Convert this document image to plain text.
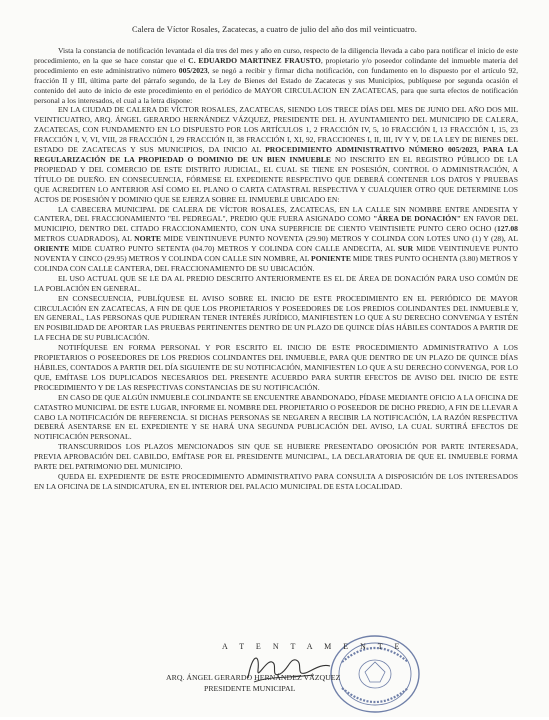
Calera de Víctor Rosales, Zacatecas, a cuatro de julio del año dos mil veinticuatro.

Vista la constancia de notificación levantada el día tres del mes y año en curso, respecto de la diligencia llevada a cabo para notificar el inicio de este procedimiento, en la que se hace constar que el C. EDUARDO MARTINEZ FRAUSTO, propietario y/o poseedor colindante del inmueble materia del procedimiento en este administrativo número 005/2023, se negó a recibir y firmar dicha notificación, con fundamento en lo dispuesto por el artículo 92, fracción II y III, última parte del párrafo segundo, de la Ley de Bienes del Estado de Zacatecas y sus Municipios, publíquese por segunda ocasión el contenido del auto de inicio de este procedimiento en el periódico de MAYOR CIRCULACION EN ZACATECAS, para que surta efectos de notificación personal a los interesados, el cual a la letra dispone:

EN LA CIUDAD DE CALERA DE VÍCTOR ROSALES, ZACATECAS, SIENDO LOS TRECE DÍAS DEL MES DE JUNIO DEL AÑO DOS MIL VEINTICUATRO, ARQ. ÁNGEL GERARDO HERNÁNDEZ VÁZQUEZ, PRESIDENTE DEL H. AYUNTAMIENTO DEL MUNICIPIO DE CALERA, ZACATECAS, CON FUNDAMENTO EN LO DISPUESTO POR LOS ARTÍCULOS 1, 2 FRACCIÓN IV, 5, 10 FRACCIÓN I, 13 FRACCIÓN I, 15, 23 FRACCIÓN I, V, VI, VIII, 28 FRACCIÓN I, 29 FRACCIÓN II, 38 FRACCIÓN I, XI, 92, FRACCIONES I, II, III, IV Y V, DE LA LEY DE BIENES DEL ESTADO DE ZACATECAS Y SUS MUNICIPIOS, DA INICIO AL PROCEDIMIENTO ADMINISTRATIVO NÚMERO 005/2023, PARA LA REGULARIZACIÓN DE LA PROPIEDAD O DOMINIO DE UN BIEN INMUEBLE NO INSCRITO EN EL REGISTRO PÚBLICO DE LA PROPIEDAD Y DEL COMERCIO DE ESTE DISTRITO JUDICIAL, EL CUAL SE TIENE EN POSESIÓN, CONTROL O ADMINISTRACIÓN, A TÍTULO DE DUEÑO. EN CONSECUENCIA, FÓRMESE EL EXPEDIENTE RESPECTIVO QUE DEBERÁ CONTENER LOS DATOS Y PRUEBAS QUE ACREDITEN LO ANTERIOR ASÍ COMO EL PLANO O CARTA CATASTRAL RESPECTIVA Y CUALQUIER OTRO QUE DETERMINE LOS ACTOS DE POSESIÓN Y DOMINIO QUE SE EJERZA SOBRE EL INMUEBLE UBICADO EN:

LA CABECERA MUNICIPAL DE CALERA DE VÍCTOR ROSALES, ZACATECAS, EN LA CALLE SIN NOMBRE ENTRE ANDESITA Y CANTERA, DEL FRACCIONAMIENTO "EL PEDREGAL", PREDIO QUE FUERA ASIGNADO COMO "ÁREA DE DONACIÓN" EN FAVOR DEL MUNICIPIO, DENTRO DEL CITADO FRACCIONAMIENTO, CON UNA SUPERFICIE DE CIENTO VEINTISIETE PUNTO CERO OCHO (127.08 METROS CUADRADOS), AL NORTE MIDE VEINTINUEVE PUNTO NOVENTA (29.90) METROS Y COLINDA CON LOTES UNO (1) Y (28), AL ORIENTE MIDE CUATRO PUNTO SETENTA (04.70) METROS Y COLINDA CON CALLE ANDECITA, AL SUR MIDE VEINTINUEVE PUNTO NOVENTA Y CINCO (29.95) METROS Y COLINDA CON CALLE SIN NOMBRE, AL PONIENTE MIDE TRES PUNTO OCHENTA (3.80) METROS Y COLINDA CON CALLE CANTERA, DEL FRACCIONAMIENTO DE SU UBICACIÓN.

EL USO ACTUAL QUE SE LE DA AL PREDIO DESCRITO ANTERIORMENTE ES EL DE ÁREA DE DONACIÓN PARA USO COMÚN DE LA POBLACIÓN EN GENERAL.

EN CONSECUENCIA, PUBLÍQUESE EL AVISO SOBRE EL INICIO DE ESTE PROCEDIMIENTO EN EL PERIÓDICO DE MAYOR CIRCULACIÓN EN ZACATECAS, A FIN DE QUE LOS PROPIETARIOS Y POSEEDORES DE LOS PREDIOS COLINDANTES DEL INMUEBLE Y, EN GENERAL, LAS PERSONAS QUE PUDIERAN TENER INTERÉS JURÍDICO, MANIFIESTEN LO QUE A SU DERECHO CONVENGA Y ESTÉN EN POSIBILIDAD DE APORTAR LAS PRUEBAS PERTINENTES DENTRO DE UN PLAZO DE QUINCE DÍAS HÁBILES CONTADOS A PARTIR DE LA FECHA DE SU PUBLICACIÓN.

NOTIFÍQUESE EN FORMA PERSONAL Y POR ESCRITO EL INICIO DE ESTE PROCEDIMIENTO ADMINISTRATIVO A LOS PROPIETARIOS O POSEEDORES DE LOS PREDIOS COLINDANTES DEL INMUEBLE, PARA QUE DENTRO DE UN PLAZO DE QUINCE DÍAS HÁBILES, CONTADOS A PARTIR DEL DÍA SIGUIENTE DE SU NOTIFICACIÓN, MANIFIESTEN LO QUE A SU DERECHO CONVENGA, POR LO QUE, EMÍTASE LOS DUPLICADOS NECESARIOS DEL PRESENTE ACUERDO PARA SURTIR EFECTOS DE AVISO DEL INICIO DE ESTE PROCEDIMIENTO Y DE LAS RESPECTIVAS CONSTANCIAS DE SU NOTIFICACIÓN.

EN CASO DE QUE ALGÚN INMUEBLE COLINDANTE SE ENCUENTRE ABANDONADO, PÍDASE MEDIANTE OFICIO A LA OFICINA DE CATASTRO MUNICIPAL DE ESTE LUGAR, INFORME EL NOMBRE DEL PROPIETARIO O POSEEDOR DE DICHO PREDIO, A FIN DE LLEVAR A CABO LA NOTIFICACIÓN DE REFERENCIA. SI DICHAS PERSONAS SE NEGAREN A RECIBIR LA NOTIFICACIÓN, LA RAZÓN RESPECTIVA DEBERÁ ASENTARSE EN EL EXPEDIENTE Y SE HARÁ UNA SEGUNDA PUBLICACIÓN DEL AVISO, LA CUAL SURTIRÁ EFECTOS DE NOTIFICACIÓN PERSONAL.

TRANSCURRIDOS LOS PLAZOS MENCIONADOS SIN QUE SE HUBIERE PRESENTADO OPOSICIÓN POR PARTE INTERESADA, PREVIA APROBACIÓN DEL CABILDO, EMÍTASE POR EL PRESIDENTE MUNICIPAL, LA DECLARATORIA DE QUE EL INMUEBLE FORMA PARTE DEL PATRIMONIO DEL MUNICIPIO.

QUEDA EL EXPEDIENTE DE ESTE PROCEDIMIENTO ADMINISTRATIVO PARA CONSULTA A DISPOSICIÓN DE LOS INTERESADOS EN LA OFICINA DE LA SINDICATURA, EN EL INTERIOR DEL PALACIO MUNICIPAL DE ESTA LOCALIDAD.

A T E N T A M E N T E
ARQ. ÁNGEL GERARDO HERNÁNDEZ VÁZQUEZ
PRESIDENTE MUNICIPAL
